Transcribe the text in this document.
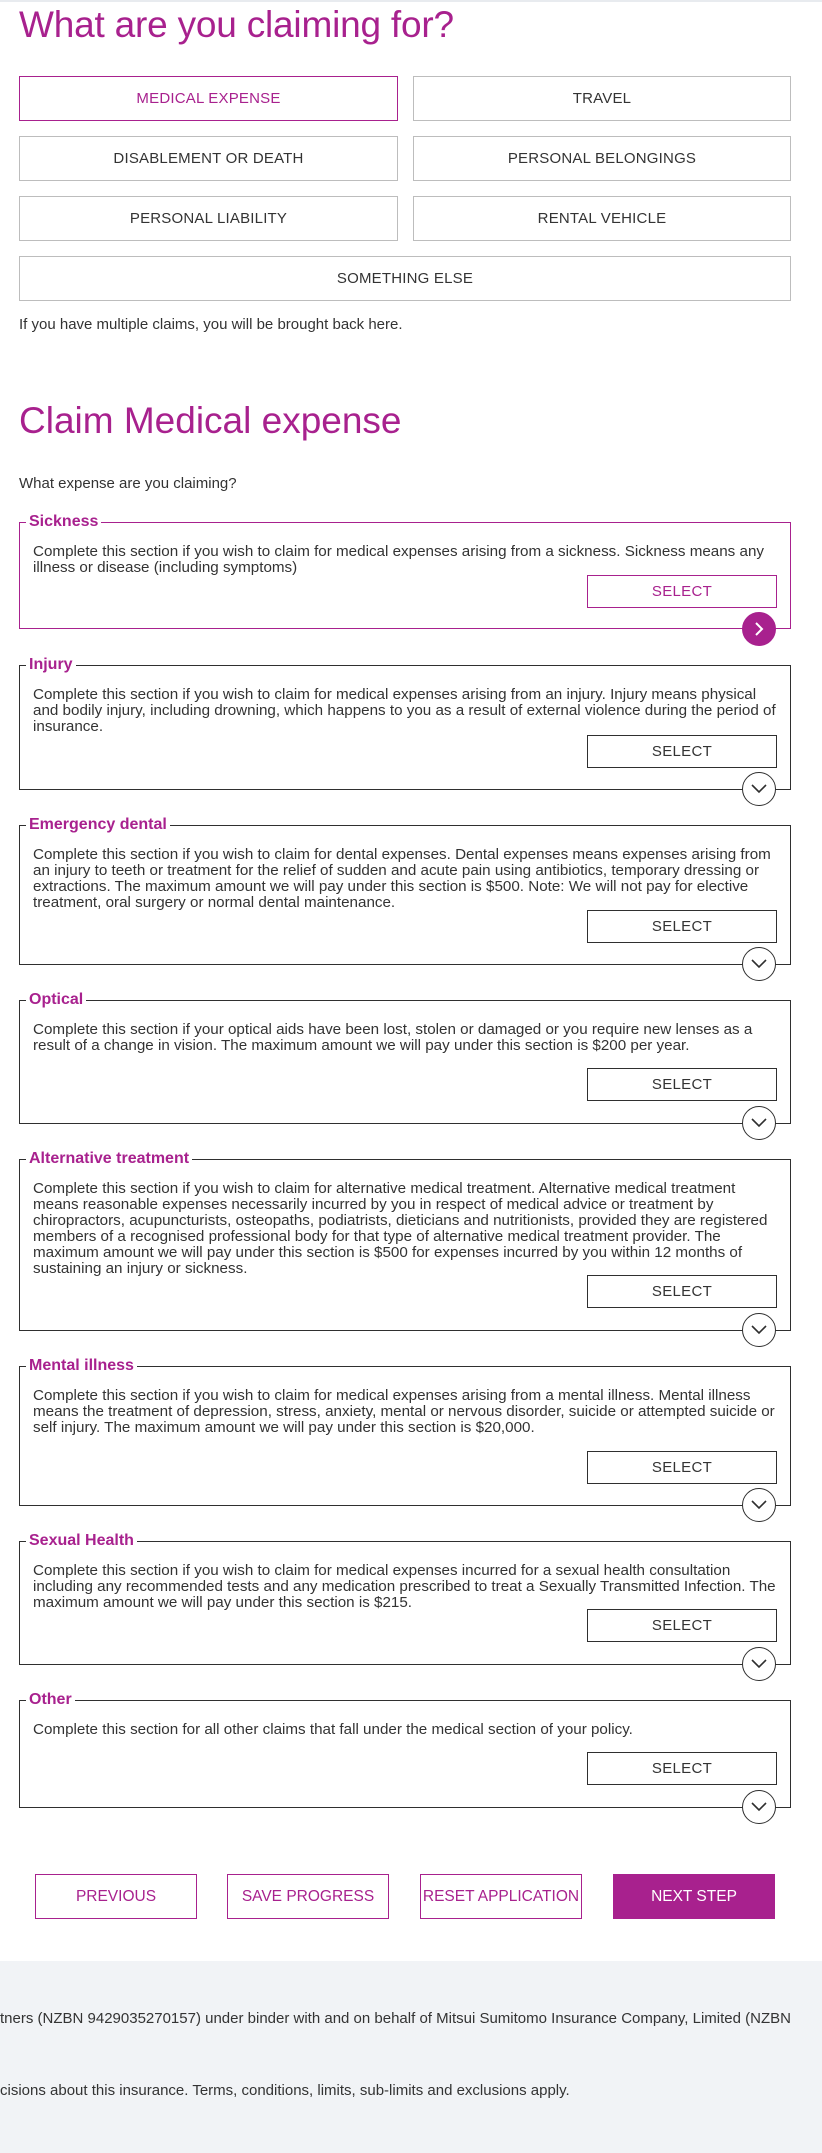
What are you claiming for?
MEDICAL EXPENSE	TRAVEL
DISABLEMENT OR DEATH	PERSONAL BELONGINGS
PERSONAL LIABILITY	RENTAL VEHICLE
SOMETHING ELSE

If you have multiple claims, you will be brought back here.

Claim Medical expense

What expense are you claiming?

Sickness

Complete this section if you wish to claim for medical expenses arising from a sickness. Sickness means any illness or disease (including symptoms)

SELECT
Injury

Complete this section if you wish to claim for medical expenses arising from an injury. Injury means physical and bodily injury, including drowning, which happens to you as a result of external violence during the period of insurance.

SELECT
Emergency dental

Complete this section if you wish to claim for dental expenses. Dental expenses means expenses arising from an injury to teeth or treatment for the relief of sudden and acute pain using antibiotics, temporary dressing or extractions. The maximum amount we will pay under this section is $500. Note: We will not pay for elective treatment, oral surgery or normal dental maintenance.

SELECT
Optical

Complete this section if your optical aids have been lost, stolen or damaged or you require new lenses as a result of a change in vision. The maximum amount we will pay under this section is $200 per year.

SELECT
Alternative treatment

Complete this section if you wish to claim for alternative medical treatment. Alternative medical treatment means reasonable expenses necessarily incurred by you in respect of medical advice or treatment by chiropractors, acupuncturists, osteopaths, podiatrists, dieticians and nutritionists, provided they are registered members of a recognised professional body for that type of alternative medical treatment provider. The maximum amount we will pay under this section is $500 for expenses incurred by you within 12 months of sustaining an injury or sickness.

SELECT
Mental illness

Complete this section if you wish to claim for medical expenses arising from a mental illness. Mental illness means the treatment of depression, stress, anxiety, mental or nervous disorder, suicide or attempted suicide or self injury. The maximum amount we will pay under this section is $20,000.

SELECT
Sexual Health

Complete this section if you wish to claim for medical expenses incurred for a sexual health consultation including any recommended tests and any medication prescribed to treat a Sexually Transmitted Infection. The maximum amount we will pay under this section is $215.

SELECT
Other

Complete this section for all other claims that fall under the medical section of your policy.

SELECT
PREVIOUS	SAVE PROGRESS	RESET APPLICATION	NEXT STEP

tners (NZBN 9429035270157) under binder with and on behalf of Mitsui Sumitomo Insurance Company, Limited (NZBN

cisions about this insurance. Terms, conditions, limits, sub-limits and exclusions apply.
